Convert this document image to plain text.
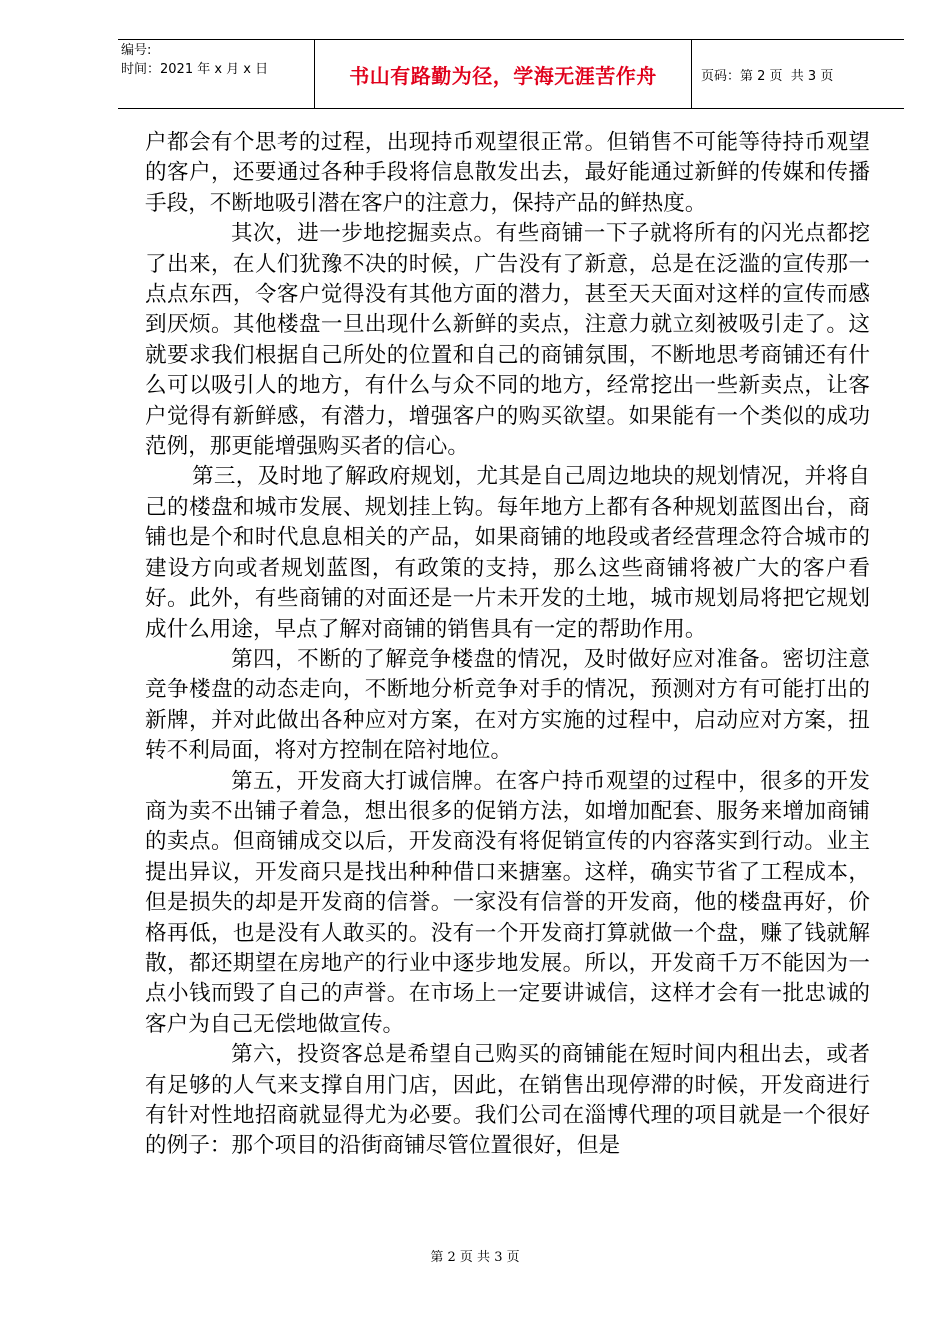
编号:
时间：2021 年 x 月 x 日	书山有路勤为径，学海无涯苦作舟	页码：第 2 页  共 3 页

户都会有个思考的过程，出现持币观望很正常。但销售不可能等待持币观望的客户，还要通过各种手段将信息散发出去，最好能通过新鲜的传媒和传播手段，不断地吸引潜在客户的注意力，保持产品的鲜热度。

其次，进一步地挖掘卖点。有些商铺一下子就将所有的闪光点都挖了出来，在人们犹豫不决的时候，广告没有了新意，总是在泛滥的宣传那一点点东西，令客户觉得没有其他方面的潜力，甚至天天面对这样的宣传而感到厌烦。其他楼盘一旦出现什么新鲜的卖点，注意力就立刻被吸引走了。这就要求我们根据自己所处的位置和自己的商铺氛围，不断地思考商铺还有什么可以吸引人的地方，有什么与众不同的地方，经常挖出一些新卖点，让客户觉得有新鲜感，有潜力，增强客户的购买欲望。如果能有一个类似的成功范例，那更能增强购买者的信心。

第三，及时地了解政府规划，尤其是自己周边地块的规划情况，并将自己的楼盘和城市发展、规划挂上钩。每年地方上都有各种规划蓝图出台，商铺也是个和时代息息相关的产品，如果商铺的地段或者经营理念符合城市的建设方向或者规划蓝图，有政策的支持，那么这些商铺将被广大的客户看好。此外，有些商铺的对面还是一片未开发的土地，城市规划局将把它规划成什么用途，早点了解对商铺的销售具有一定的帮助作用。

第四，不断的了解竞争楼盘的情况，及时做好应对准备。密切注意竞争楼盘的动态走向，不断地分析竞争对手的情况，预测对方有可能打出的新牌，并对此做出各种应对方案，在对方实施的过程中，启动应对方案，扭转不利局面，将对方控制在陪衬地位。

第五，开发商大打诚信牌。在客户持币观望的过程中，很多的开发商为卖不出铺子着急，想出很多的促销方法，如增加配套、服务来增加商铺的卖点。但商铺成交以后，开发商没有将促销宣传的内容落实到行动。业主提出异议，开发商只是找出种种借口来搪塞。这样，确实节省了工程成本，但是损失的却是开发商的信誉。一家没有信誉的开发商，他的楼盘再好，价格再低，也是没有人敢买的。没有一个开发商打算就做一个盘，赚了钱就解散，都还期望在房地产的行业中逐步地发展。所以，开发商千万不能因为一点小钱而毁了自己的声誉。在市场上一定要讲诚信，这样才会有一批忠诚的客户为自己无偿地做宣传。

第六，投资客总是希望自己购买的商铺能在短时间内租出去，或者有足够的人气来支撑自用门店，因此，在销售出现停滞的时候，开发商进行有针对性地招商就显得尤为必要。我们公司在淄博代理的项目就是一个很好的例子：那个项目的沿街商铺尽管位置很好，但是

第 2 页 共 3 页
